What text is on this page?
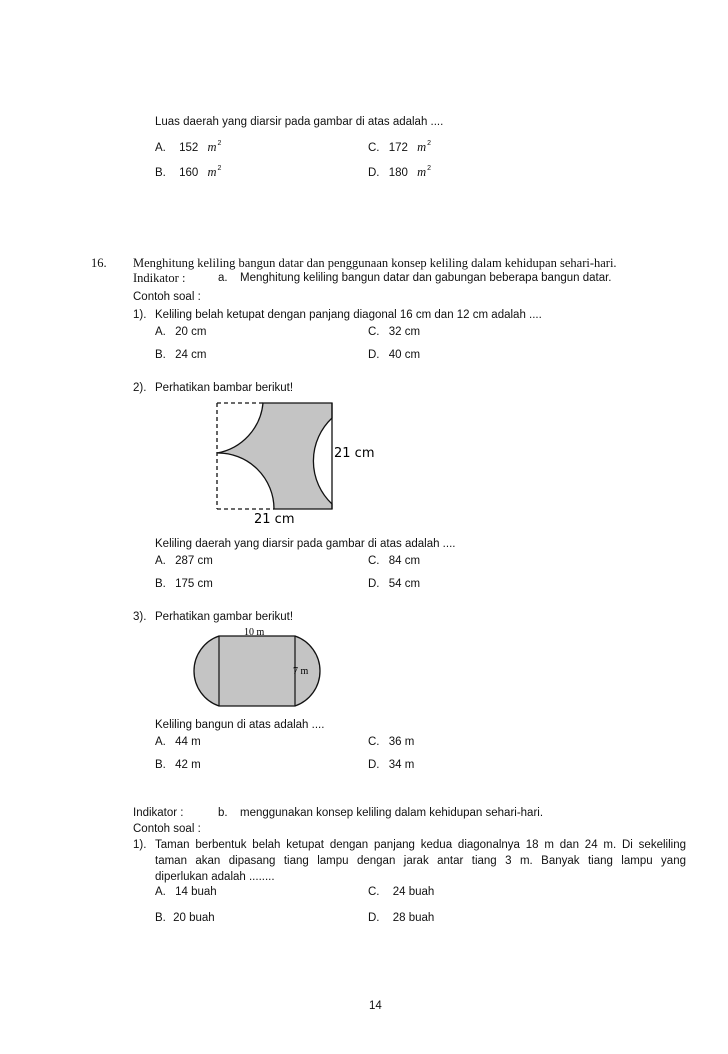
Luas daerah yang diarsir pada gambar di atas adalah ....
A. 152 $m^2$	C. 172 $m^2$
B. 160 $m^2$	D. 180 $m^2$
16. Menghitung keliling bangun datar dan penggunaan konsep keliling dalam kehidupan sehari-hari.
Indikator :	a. Menghitung keliling bangun datar dan gabungan beberapa bangun datar.
Contoh soal :
1). Keliling belah ketupat dengan panjang diagonal 16 cm dan 12 cm adalah ....
A. 20 cm	C. 32 cm
B. 24 cm	D. 40 cm
2). Perhatikan bambar berikut!
21 cm
21 cm
Keliling daerah yang diarsir pada gambar di atas adalah ....
A. 287 cm	C. 84 cm
B. 175 cm	D. 54 cm
3). Perhatikan gambar berikut!
10 m
7 m
Keliling bangun di atas adalah ....
A. 44 m	C. 36 m
B. 42 m	D. 34 m
Indikator :	b. menggunakan konsep keliling dalam kehidupan sehari-hari.
Contoh soal :
1). Taman berbentuk belah ketupat dengan panjang kedua diagonalnya 18 m dan 24 m. Di sekeliling
taman akan dipasang tiang lampu dengan jarak antar tiang 3 m. Banyak tiang lampu yang
diperlukan adalah ........
A. 14 buah	C. 24 buah
B. 20 buah	D. 28 buah
14
